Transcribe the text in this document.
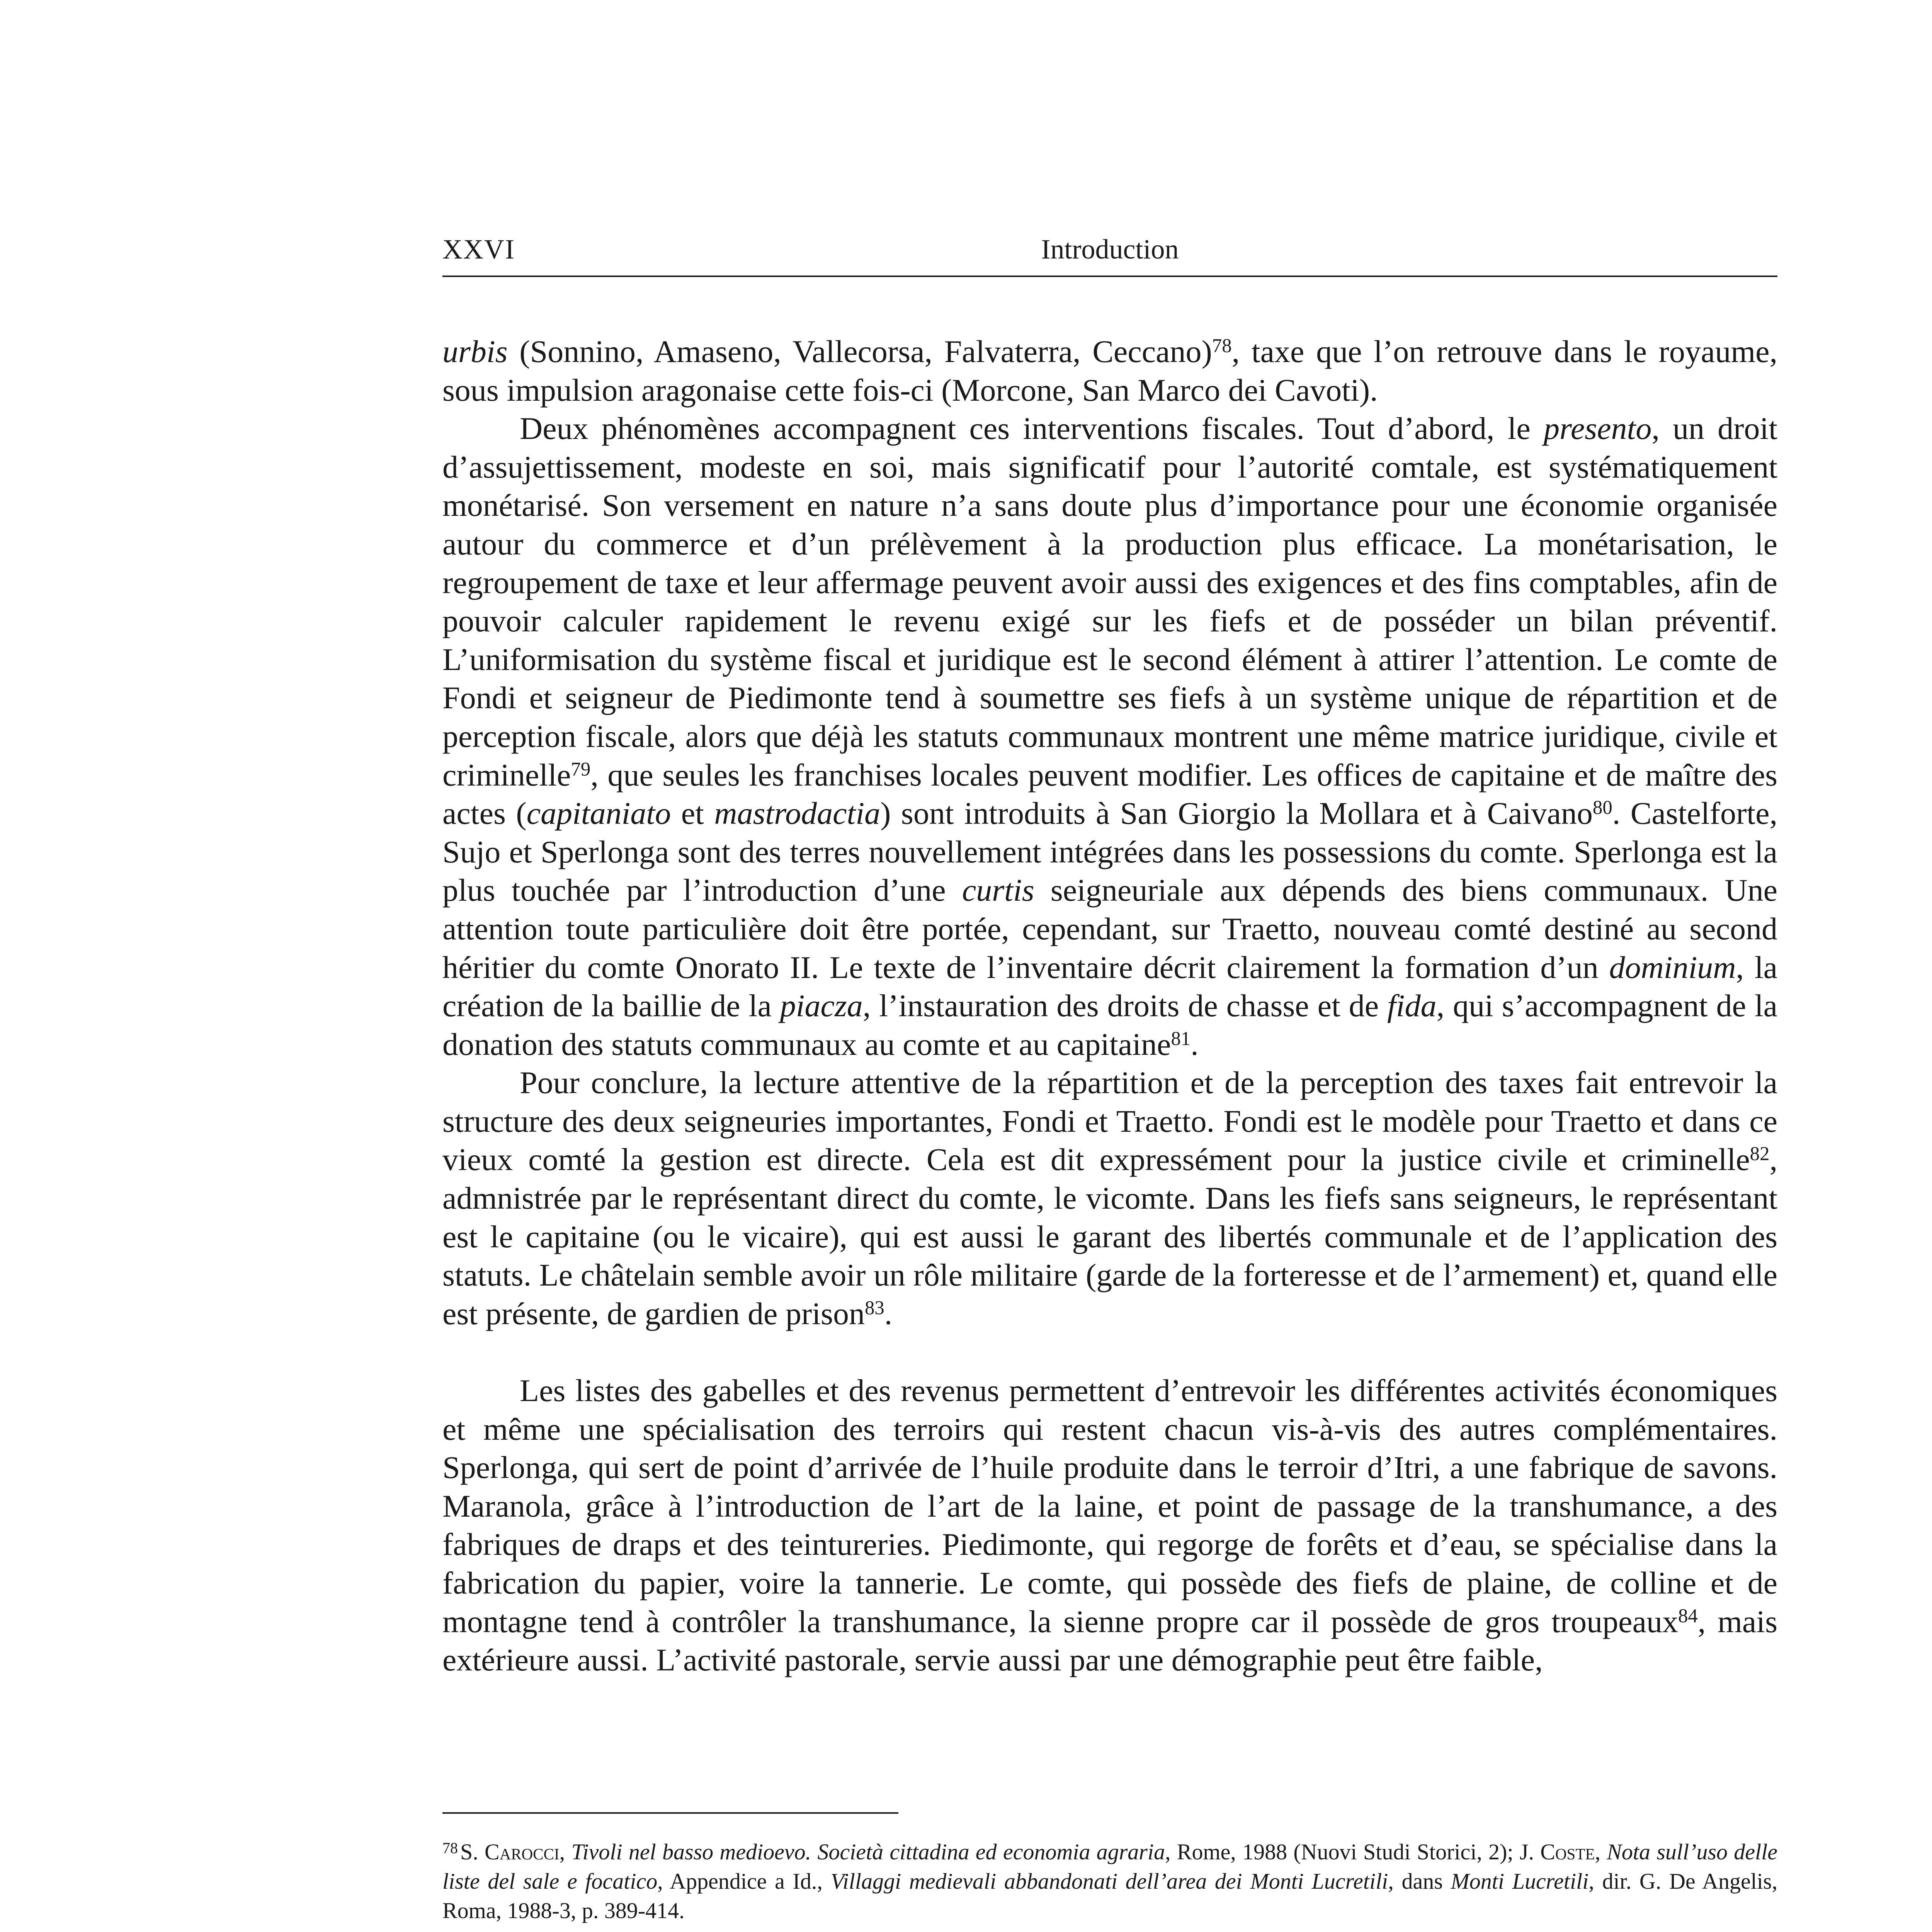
XXVI	Introduction

urbis (Sonnino, Amaseno, Vallecorsa, Falvaterra, Ceccano)$^{78}$, taxe que l’on retrouve dans le royaume, sous impulsion aragonaise cette fois-ci (Morcone, San Marco dei Cavoti).

Deux phénomènes accompagnent ces interventions fiscales. Tout d’abord, le presento, un droit d’assujettissement, modeste en soi, mais significatif pour l’autorité comtale, est systématiquement monétarisé. Son versement en nature n’a sans doute plus d’importance pour une économie organisée autour du commerce et d’un prélèvement à la production plus efficace. La monétarisation, le regroupement de taxe et leur affermage peuvent avoir aussi des exigences et des fins comptables, afin de pouvoir calculer rapidement le revenu exigé sur les fiefs et de posséder un bilan préventif. L’uniformisation du système fiscal et juridique est le second élément à attirer l’attention. Le comte de Fondi et seigneur de Piedimonte tend à soumettre ses fiefs à un système unique de répartition et de perception fiscale, alors que déjà les statuts communaux montrent une même matrice juridique, civile et criminelle$^{79}$, que seules les franchises locales peuvent modifier. Les offices de capitaine et de maître des actes (capitaniato et mastrodactia) sont introduits à San Giorgio la Mollara et à Caivano$^{80}$. Castelforte, Sujo et Sperlonga sont des terres nouvellement intégrées dans les possessions du comte. Sperlonga est la plus touchée par l’introduction d’une curtis seigneuriale aux dépends des biens communaux. Une attention toute particulière doit être portée, cependant, sur Traetto, nouveau comté destiné au second héritier du comte Onorato II. Le texte de l’inventaire décrit clairement la formation d’un dominium, la création de la baillie de la piacza, l’instauration des droits de chasse et de fida, qui s’accompagnent de la donation des statuts communaux au comte et au capitaine$^{81}$.

Pour conclure, la lecture attentive de la répartition et de la perception des taxes fait entrevoir la structure des deux seigneuries importantes, Fondi et Traetto. Fondi est le modèle pour Traetto et dans ce vieux comté la gestion est directe. Cela est dit expressément pour la justice civile et criminelle$^{82}$, admnistrée par le représentant direct du comte, le vicomte. Dans les fiefs sans seigneurs, le représentant est le capitaine (ou le vicaire), qui est aussi le garant des libertés communale et de l’application des statuts. Le châtelain semble avoir un rôle militaire (garde de la forteresse et de l’armement) et, quand elle est présente, de gardien de prison$^{83}$.

Les listes des gabelles et des revenus permettent d’entrevoir les différentes activités économiques et même une spécialisation des terroirs qui restent chacun vis-à-vis des autres complémentaires. Sperlonga, qui sert de point d’arrivée de l’huile produite dans le terroir d’Itri, a une fabrique de savons. Maranola, grâce à l’introduction de l’art de la laine, et point de passage de la transhumance, a des fabriques de draps et des teintureries. Piedimonte, qui regorge de forêts et d’eau, se spécialise dans la fabrication du papier, voire la tannerie. Le comte, qui possède des fiefs de plaine, de colline et de montagne tend à contrôler la transhumance, la sienne propre car il possède de gros troupeaux$^{84}$, mais extérieure aussi. L’activité pastorale, servie aussi par une démographie peut être faible,

$^{78}$ S. Carocci, Tivoli nel basso medioevo. Società cittadina ed economia agraria, Rome, 1988 (Nuovi Studi Storici, 2); J. Coste, Nota sull’uso delle liste del sale e focatico, Appendice a Id., Villaggi medievali abbandonati dell’area dei Monti Lucretili, dans Monti Lucretili, dir. G. De Angelis, Roma, 1988-3, p. 389-414.
